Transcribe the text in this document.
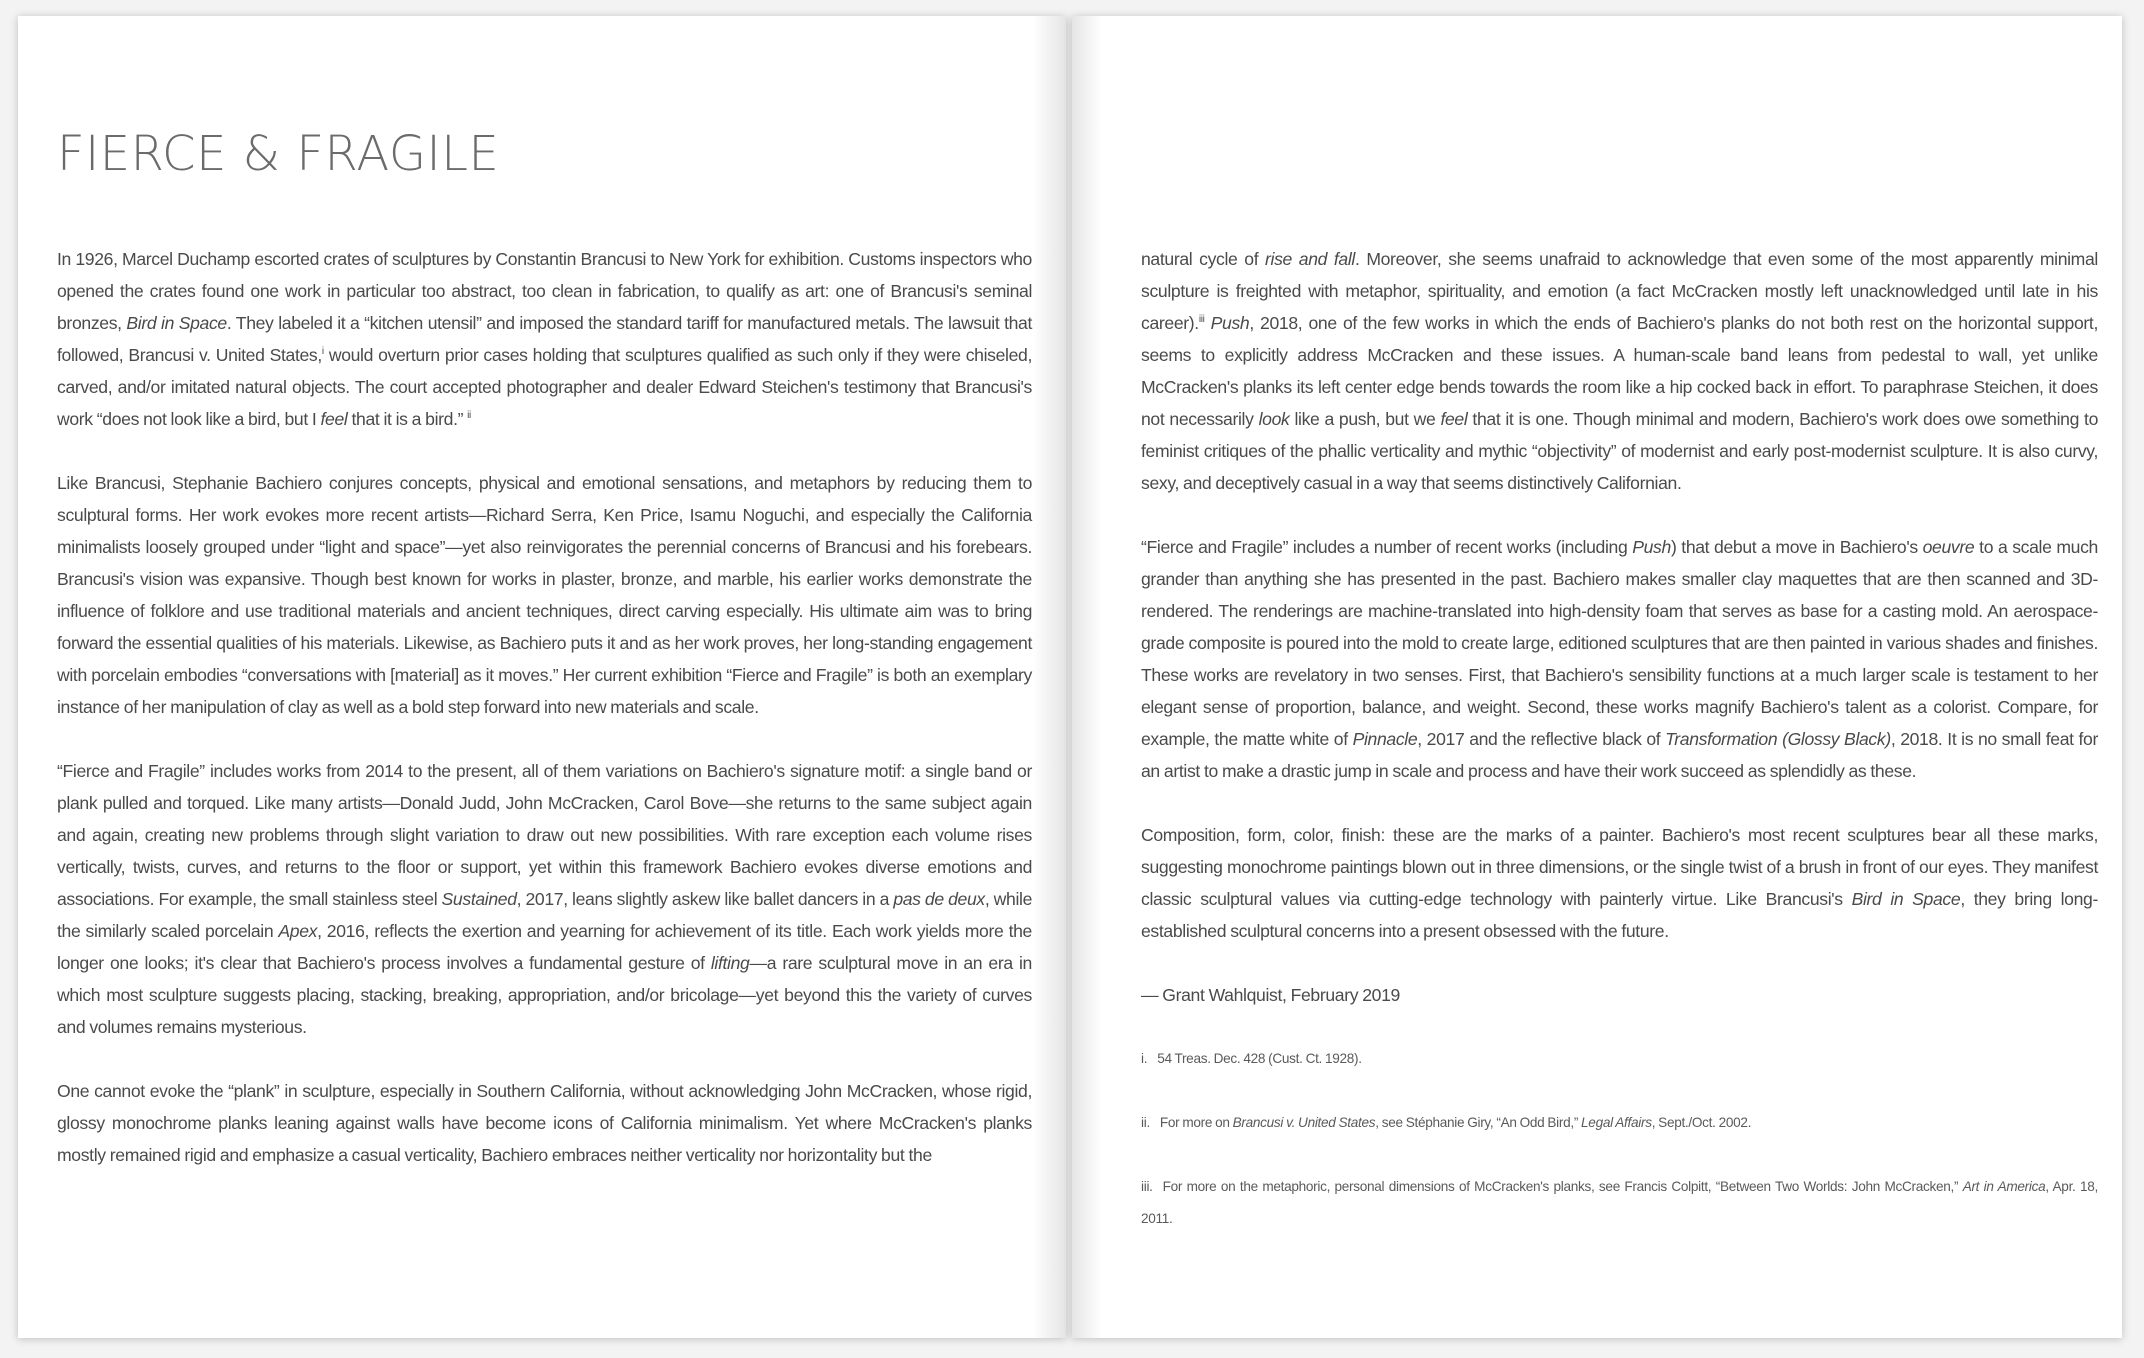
FIERCE & FRAGILE

In 1926, Marcel Duchamp escorted crates of sculptures by Constantin Brancusi to New York for exhibition. Customs inspectors who opened the crates found one work in particular too abstract, too clean in fabrication, to qualify as art: one of Brancusi's seminal bronzes, Bird in Space. They labeled it a “kitchen utensil” and imposed the standard tariff for manufactured metals. The lawsuit that followed, Brancusi v. United States,$^i$ would overturn prior cases holding that sculptures qualified as such only if they were chiseled, carved, and/or imitated natural objects. The court accepted photographer and dealer Edward Steichen's testimony that Brancusi's work “does not look like a bird, but I feel that it is a bird.” $^{ii}$

Like Brancusi, Stephanie Bachiero conjures concepts, physical and emotional sensations, and metaphors by reducing them to sculptural forms. Her work evokes more recent artists—Richard Serra, Ken Price, Isamu Noguchi, and especially the California minimalists loosely grouped under “light and space”—yet also reinvigorates the perennial concerns of Brancusi and his forebears. Brancusi's vision was expansive. Though best known for works in plaster, bronze, and marble, his earlier works demonstrate the influence of folklore and use traditional materials and ancient techniques, direct carving especially. His ultimate aim was to bring forward the essential qualities of his materials. Likewise, as Bachiero puts it and as her work proves, her long-standing engagement with porcelain embodies “conversations with [material] as it moves.” Her current exhibition “Fierce and Fragile” is both an exemplary instance of her manipulation of clay as well as a bold step forward into new materials and scale.

“Fierce and Fragile” includes works from 2014 to the present, all of them variations on Bachiero's signature motif: a single band or plank pulled and torqued. Like many artists—Donald Judd, John McCracken, Carol Bove—she returns to the same subject again and again, creating new problems through slight variation to draw out new possibilities. With rare exception each volume rises vertically, twists, curves, and returns to the floor or support, yet within this framework Bachiero evokes diverse emotions and associations. For example, the small stainless steel Sustained, 2017, leans slightly askew like ballet dancers in a pas de deux, while the similarly scaled porcelain Apex, 2016, reflects the exertion and yearning for achievement of its title. Each work yields more the longer one looks; it's clear that Bachiero's process involves a fundamental gesture of lifting—a rare sculptural move in an era in which most sculpture suggests placing, stacking, breaking, appropriation, and/or bricolage—yet beyond this the variety of curves and volumes remains mysterious.

One cannot evoke the “plank” in sculpture, especially in Southern California, without acknowledging John McCracken, whose rigid, glossy monochrome planks leaning against walls have become icons of California minimalism. Yet where McCracken's planks mostly remained rigid and emphasize a casual verticality, Bachiero embraces neither verticality nor horizontality but the

natural cycle of rise and fall. Moreover, she seems unafraid to acknowledge that even some of the most apparently minimal sculpture is freighted with metaphor, spirituality, and emotion (a fact McCracken mostly left unacknowledged until late in his career).$^{iii}$ Push, 2018, one of the few works in which the ends of Bachiero's planks do not both rest on the horizontal support, seems to explicitly address McCracken and these issues. A human-scale band leans from pedestal to wall, yet unlike McCracken's planks its left center edge bends towards the room like a hip cocked back in effort. To paraphrase Steichen, it does not necessarily look like a push, but we feel that it is one. Though minimal and modern, Bachiero's work does owe something to feminist critiques of the phallic verticality and mythic “objectivity” of modernist and early post-modernist sculpture. It is also curvy, sexy, and deceptively casual in a way that seems distinctively Californian.

“Fierce and Fragile” includes a number of recent works (including Push) that debut a move in Bachiero's oeuvre to a scale much grander than anything she has presented in the past. Bachiero makes smaller clay maquettes that are then scanned and 3D-rendered. The renderings are machine-translated into high-density foam that serves as base for a casting mold. An aerospace-grade composite is poured into the mold to create large, editioned sculptures that are then painted in various shades and finishes. These works are revelatory in two senses. First, that Bachiero's sensibility functions at a much larger scale is testament to her elegant sense of proportion, balance, and weight. Second, these works magnify Bachiero's talent as a colorist. Compare, for example, the matte white of Pinnacle, 2017 and the reflective black of Transformation (Glossy Black), 2018. It is no small feat for an artist to make a drastic jump in scale and process and have their work succeed as splendidly as these.

Composition, form, color, finish: these are the marks of a painter. Bachiero's most recent sculptures bear all these marks, suggesting monochrome paintings blown out in three dimensions, or the single twist of a brush in front of our eyes. They manifest classic sculptural values via cutting-edge technology with painterly virtue. Like Brancusi's Bird in Space, they bring long-established sculptural concerns into a present obsessed with the future.

— Grant Wahlquist, February 2019

i. 54 Treas. Dec. 428 (Cust. Ct. 1928).

ii. For more on Brancusi v. United States, see Stéphanie Giry, “An Odd Bird,” Legal Affairs, Sept./Oct. 2002.

iii. For more on the metaphoric, personal dimensions of McCracken's planks, see Francis Colpitt, “Between Two Worlds: John McCracken,” Art in America, Apr. 18, 2011.
